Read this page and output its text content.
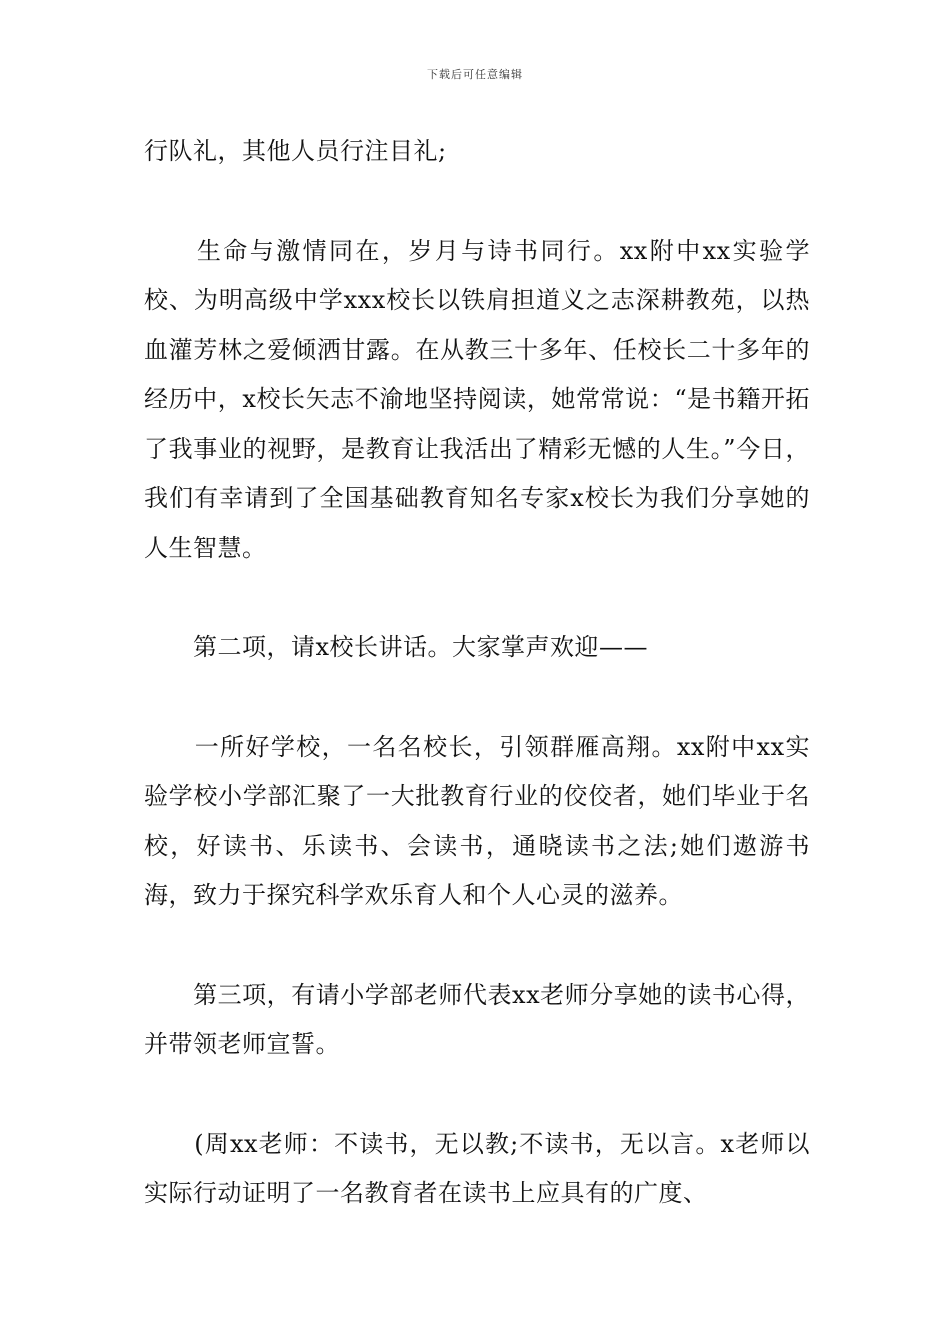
下载后可任意编辑

行队礼，其他人员行注目礼;

　　生命与激情同在，岁月与诗书同行。xx附中xx实验学校、为明高级中学xxx校长以铁肩担道义之志深耕教苑，以热血灌芳林之爱倾洒甘露。在从教三十多年、任校长二十多年的经历中，x校长矢志不渝地坚持阅读，她常常说：“是书籍开拓了我事业的视野，是教育让我活出了精彩无憾的人生。”今日，我们有幸请到了全国基础教育知名专家x校长为我们分享她的人生智慧。

　　第二项，请x校长讲话。大家掌声欢迎——

　　一所好学校，一名名校长，引领群雁高翔。xx附中xx实验学校小学部汇聚了一大批教育行业的佼佼者，她们毕业于名校，好读书、乐读书、会读书，通晓读书之法;她们遨游书海，致力于探究科学欢乐育人和个人心灵的滋养。

　　第三项，有请小学部老师代表xx老师分享她的读书心得，并带领老师宣誓。

　　(周xx老师：不读书，无以教;不读书，无以言。x老师以实际行动证明了一名教育者在读书上应具有的广度、
